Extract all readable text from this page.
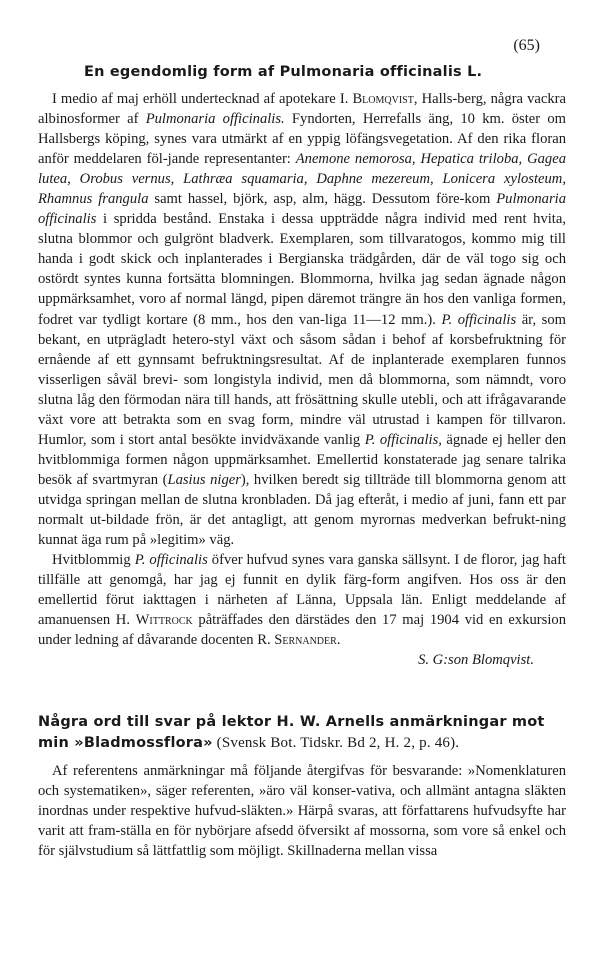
(65)
En egendomlig form af Pulmonaria officinalis L.

I medio af maj erhöll undertecknad af apotekare I. Blomqvist, Halls-berg, några vackra albinosformer af Pulmonaria officinalis. Fyndorten, Herrefalls äng, 10 km. öster om Hallsbergs köping, synes vara utmärkt af en yppig löfängsvegetation. Af den rika floran anför meddelaren föl-jande representanter: Anemone nemorosa, Hepatica triloba, Gagea lutea, Orobus vernus, Lathræa squamaria, Daphne mezereum, Lonicera xylosteum, Rhamnus frangula samt hassel, björk, asp, alm, hägg. Dessutom före-kom Pulmonaria officinalis i spridda bestånd. Enstaka i dessa uppträdde några individ med rent hvita, slutna blommor och gulgrönt bladverk. Exemplaren, som tillvaratogos, kommo mig till handa i godt skick och inplanterades i Bergianska trädgården, där de väl togo sig och ostördt syntes kunna fortsätta blomningen. Blommorna, hvilka jag sedan ägnade någon uppmärksamhet, voro af normal längd, pipen däremot trängre än hos den vanliga formen, fodret var tydligt kortare (8 mm., hos den van-liga 11—12 mm.). P. officinalis är, som bekant, en utprägladt hetero-styl växt och såsom sådan i behof af korsbefruktning för ernående af ett gynnsamt befruktningsresultat. Af de inplanterade exemplaren funnos visserligen såväl brevi- som longistyla individ, men då blommorna, som nämndt, voro slutna låg den förmodan nära till hands, att frösättning skulle utebli, och att ifrågavarande växt vore att betrakta som en svag form, mindre väl utrustad i kampen för tillvaron. Humlor, som i stort antal besökte invidväxande vanlig P. officinalis, ägnade ej heller den hvitblommiga formen någon uppmärksamhet. Emellertid konstaterade jag senare talrika besök af svartmyran (Lasius niger), hvilken beredt sig tillträde till blommorna genom att utvidga springan mellan de slutna kronbladen. Då jag efteråt, i medio af juni, fann ett par normalt ut-bildade frön, är det antagligt, att genom myrornas medverkan befrukt-ning kunnat äga rum på »legitim» väg.

Hvitblommig P. officinalis öfver hufvud synes vara ganska sällsynt. I de floror, jag haft tillfälle att genomgå, har jag ej funnit en dylik färg-form angifven. Hos oss är den emellertid förut iakttagen i närheten af Länna, Uppsala län. Enligt meddelande af amanuensen H. Wittrock påträffades den därstädes den 17 maj 1904 vid en exkursion under ledning af dåvarande docenten R. Sernander.

S. G:son Blomqvist.

Några ord till svar på lektor H. W. Arnells anmärkningar mot min »Bladmossflora» (Svensk Bot. Tidskr. Bd 2, H. 2, p. 46).

Af referentens anmärkningar må följande återgifvas för besvarande: »Nomenklaturen och systematiken», säger referenten, »äro väl konser-vativa, och allmänt antagna släkten inordnas under respektive hufvud-släkten.» Härpå svaras, att författarens hufvudsyfte har varit att fram-ställa en för nybörjare afsedd öfversikt af mossorna, som vore så enkel och för självstudium så lättfattlig som möjligt. Skillnaderna mellan vissa
